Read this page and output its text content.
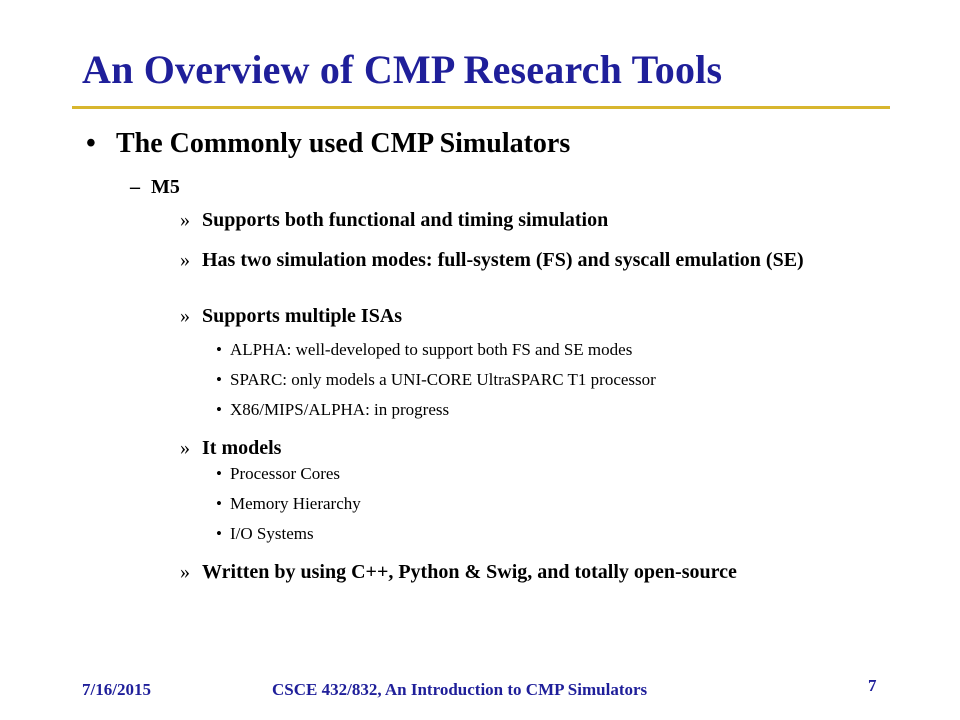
An Overview of CMP Research Tools
• The Commonly used CMP Simulators
– M5
» Supports both functional and timing simulation
» Has two simulation modes: full-system (FS) and syscall emulation (SE)
» Supports multiple ISAs
• ALPHA: well-developed to support both FS and SE modes
• SPARC: only models a UNI-CORE UltraSPARC T1 processor
• X86/MIPS/ALPHA: in progress
» It models
• Processor Cores
• Memory Hierarchy
• I/O Systems
» Written by using C++, Python & Swig, and totally open-source
7/16/2015	CSCE 432/832, An Introduction to CMP Simulators	7
